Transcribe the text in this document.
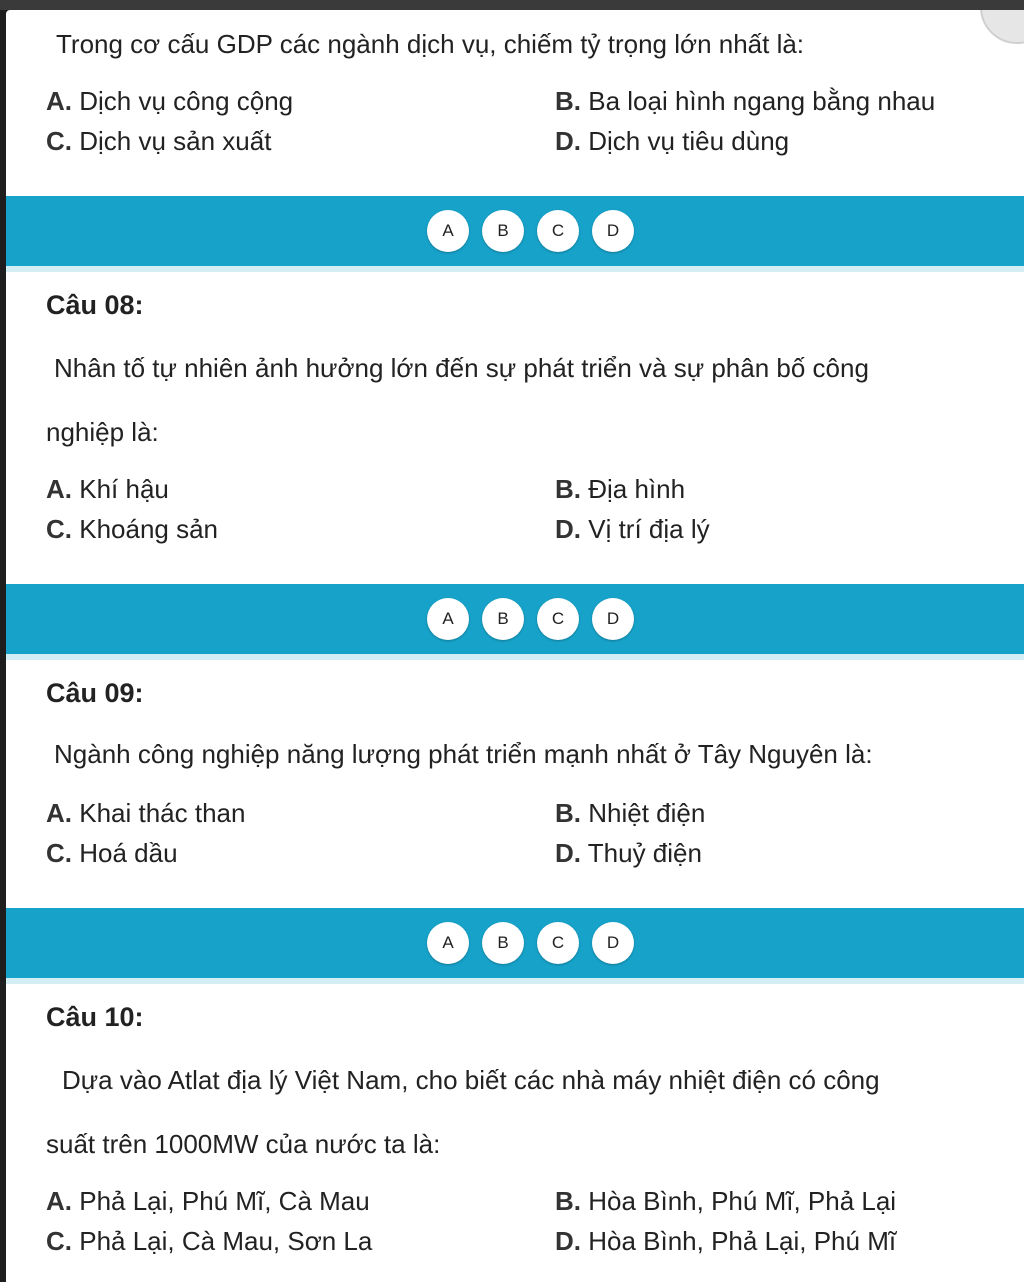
Trong cơ cấu GDP các ngành dịch vụ, chiếm tỷ trọng lớn nhất là:
A. Dịch vụ công cộng	B. Ba loại hình ngang bằng nhau
C. Dịch vụ sản xuất	D. Dịch vụ tiêu dùng
A	B	C	D
Câu 08:
Nhân tố tự nhiên ảnh hưởng lớn đến sự phát triển và sự phân bố công
nghiệp là:
A. Khí hậu	B. Địa hình
C. Khoáng sản	D. Vị trí địa lý
A	B	C	D
Câu 09:
Ngành công nghiệp năng lượng phát triển mạnh nhất ở Tây Nguyên là:
A. Khai thác than	B. Nhiệt điện
C. Hoá dầu	D. Thuỷ điện
A	B	C	D
Câu 10:
Dựa vào Atlat địa lý Việt Nam, cho biết các nhà máy nhiệt điện có công
suất trên 1000MW của nước ta là:
A. Phả Lại, Phú Mĩ, Cà Mau	B. Hòa Bình, Phú Mĩ, Phả Lại
C. Phả Lại, Cà Mau, Sơn La	D. Hòa Bình, Phả Lại, Phú Mĩ
